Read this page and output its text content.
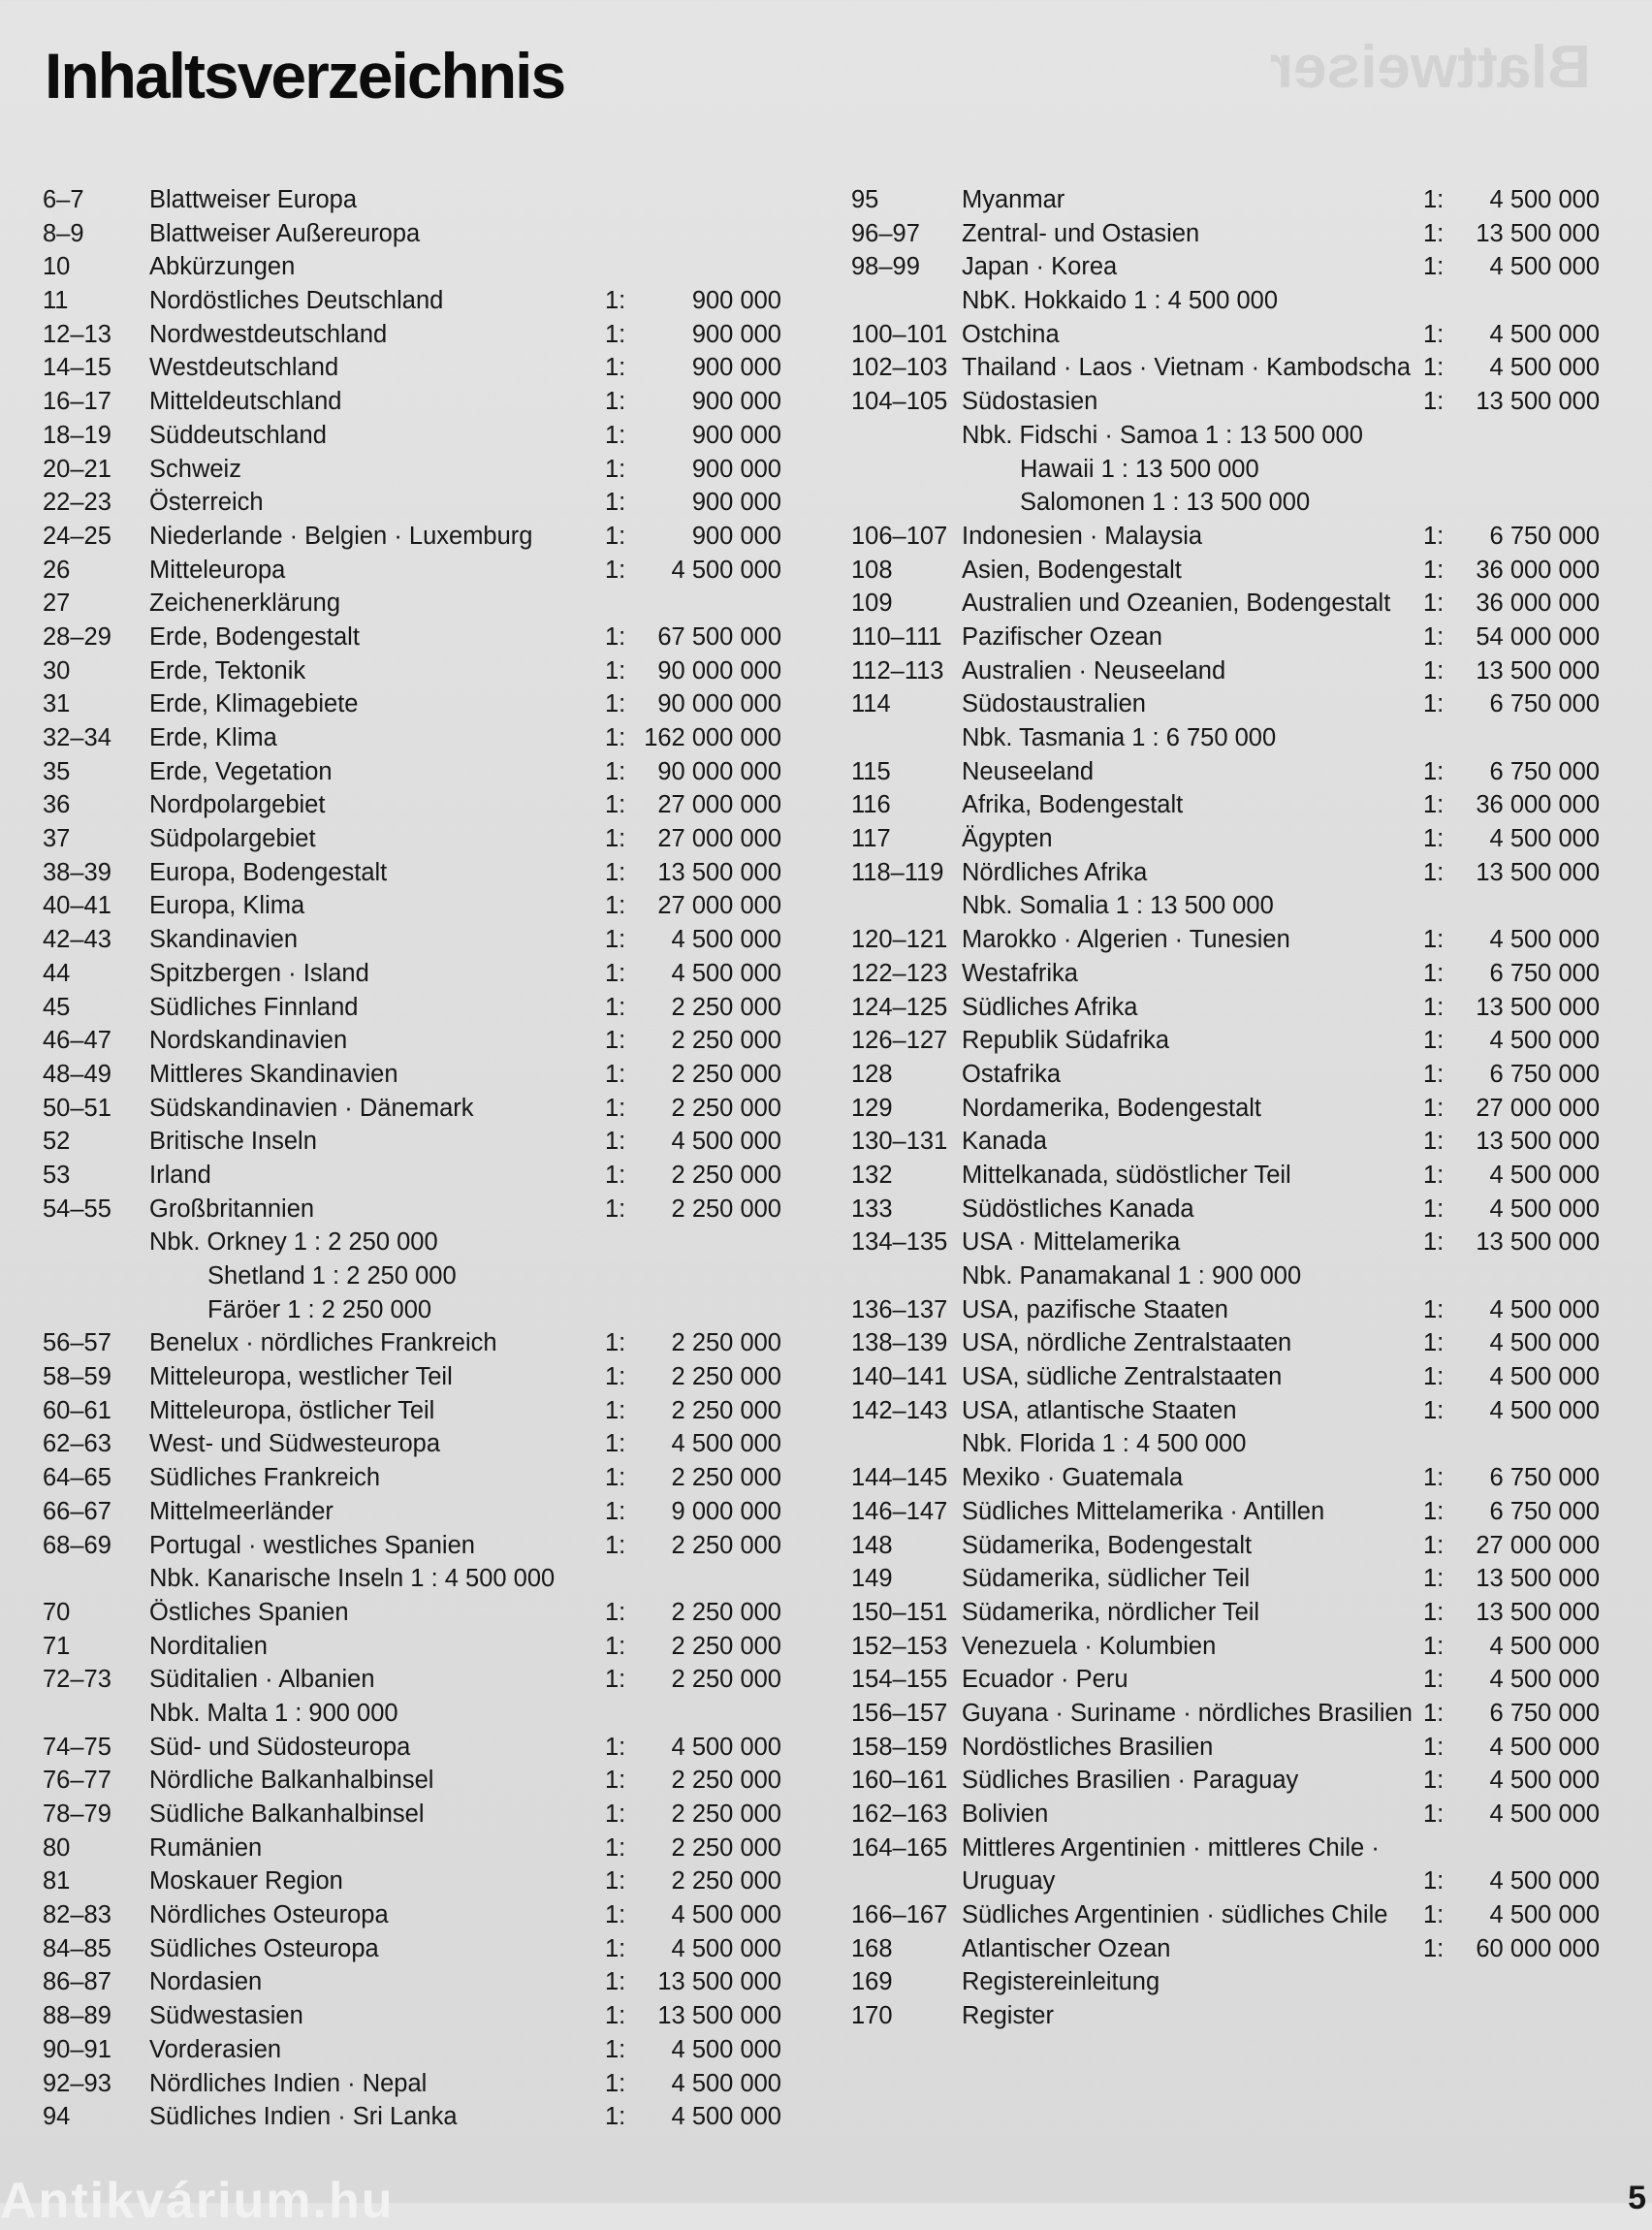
Blattweiser
Inhaltsverzeichnis
6–7	Blattweiser Europa
8–9	Blattweiser Außereuropa
10	Abkürzungen
11	Nordöstliches Deutschland	1:	900 000
12–13 Nordwestdeutschland	1:	900 000
14–15 Westdeutschland	1:	900 000
16–17 Mitteldeutschland	1:	900 000
18–19 Süddeutschland	1:	900 000
20–21 Schweiz	1:	900 000
22–23 Österreich	1:	900 000
24–25 Niederlande · Belgien · Luxemburg	1:	900 000
26	Mitteleuropa	1:	4 500 000
27	Zeichenerklärung
28–29 Erde, Bodengestalt	1:	67 500 000
30	Erde, Tektonik	1:	90 000 000
31	Erde, Klimagebiete	1:	90 000 000
32–34 Erde, Klima	1: 162 000 000
35	Erde, Vegetation	1:	90 000 000
36	Nordpolargebiet	1:	27 000 000
37	Südpolargebiet	1:	27 000 000
38–39 Europa, Bodengestalt	1:	13 500 000
40–41 Europa, Klima	1:	27 000 000
42–43 Skandinavien	1:	4 500 000
44	Spitzbergen · Island	1:	4 500 000
45	Südliches Finnland	1:	2 250 000
46–47 Nordskandinavien	1:	2 250 000
48–49 Mittleres Skandinavien	1:	2 250 000
50–51 Südskandinavien · Dänemark	1:	2 250 000
52	Britische Inseln	1:	4 500 000
53	Irland	1:	2 250 000
54–55 Großbritannien	1:	2 250 000
Nbk. Orkney 1 : 2 250 000
Shetland 1 : 2 250 000
Färöer 1 : 2 250 000
56–57 Benelux · nördliches Frankreich	1:	2 250 000
58–59 Mitteleuropa, westlicher Teil	1:	2 250 000
60–61 Mitteleuropa, östlicher Teil	1:	2 250 000
62–63 West- und Südwesteuropa	1:	4 500 000
64–65 Südliches Frankreich	1:	2 250 000
66–67 Mittelmeerländer	1:	9 000 000
68–69 Portugal · westliches Spanien	1:	2 250 000
Nbk. Kanarische Inseln 1 : 4 500 000
70	Östliches Spanien	1:	2 250 000
71	Norditalien	1:	2 250 000
72–73 Süditalien · Albanien	1:	2 250 000
Nbk. Malta 1 : 900 000
74–75 Süd- und Südosteuropa	1:	4 500 000
76–77 Nördliche Balkanhalbinsel	1:	2 250 000
78–79 Südliche Balkanhalbinsel	1:	2 250 000
80	Rumänien	1:	2 250 000
81	Moskauer Region	1:	2 250 000
82–83 Nördliches Osteuropa	1:	4 500 000
84–85 Südliches Osteuropa	1:	4 500 000
86–87 Nordasien	1:	13 500 000
88–89 Südwestasien	1:	13 500 000
90–91 Vorderasien	1:	4 500 000
92–93 Nördliches Indien · Nepal	1:	4 500 000
94	Südliches Indien · Sri Lanka	1:	4 500 000
95	Myanmar	1:	4 500 000
96–97 Zentral- und Ostasien	1:	13 500 000
98–99 Japan · Korea	1:	4 500 000
NbK. Hokkaido 1 : 4 500 000
100–101 Ostchina	1:	4 500 000
102–103 Thailand · Laos · Vietnam · Kambodscha 1:	4 500 000
104–105 Südostasien	1:	13 500 000
Nbk. Fidschi · Samoa 1 : 13 500 000
Hawaii 1 : 13 500 000
Salomonen 1 : 13 500 000
106–107 Indonesien · Malaysia	1:	6 750 000
108	Asien, Bodengestalt	1:	36 000 000
109	Australien und Ozeanien, Bodengestalt 1:	36 000 000
110–111 Pazifischer Ozean	1:	54 000 000
112–113 Australien · Neuseeland	1:	13 500 000
114	Südostaustralien	1:	6 750 000
Nbk. Tasmania 1 : 6 750 000
115	Neuseeland	1:	6 750 000
116	Afrika, Bodengestalt	1:	36 000 000
117	Ägypten	1:	4 500 000
118–119 Nördliches Afrika	1:	13 500 000
Nbk. Somalia 1 : 13 500 000
120–121 Marokko · Algerien · Tunesien	1:	4 500 000
122–123 Westafrika	1:	6 750 000
124–125 Südliches Afrika	1:	13 500 000
126–127 Republik Südafrika	1:	4 500 000
128	Ostafrika	1:	6 750 000
129	Nordamerika, Bodengestalt	1:	27 000 000
130–131 Kanada	1:	13 500 000
132	Mittelkanada, südöstlicher Teil	1:	4 500 000
133	Südöstliches Kanada	1:	4 500 000
134–135 USA · Mittelamerika	1:	13 500 000
Nbk. Panamakanal 1 : 900 000
136–137 USA, pazifische Staaten	1:	4 500 000
138–139 USA, nördliche Zentralstaaten	1:	4 500 000
140–141 USA, südliche Zentralstaaten	1:	4 500 000
142–143 USA, atlantische Staaten	1:	4 500 000
Nbk. Florida 1 : 4 500 000
144–145 Mexiko · Guatemala	1:	6 750 000
146–147 Südliches Mittelamerika · Antillen	1:	6 750 000
148	Südamerika, Bodengestalt	1:	27 000 000
149	Südamerika, südlicher Teil	1:	13 500 000
150–151 Südamerika, nördlicher Teil	1:	13 500 000
152–153 Venezuela · Kolumbien	1:	4 500 000
154–155 Ecuador · Peru	1:	4 500 000
156–157 Guyana · Suriname · nördliches Brasilien 1:	6 750 000
158–159 Nordöstliches Brasilien	1:	4 500 000
160–161 Südliches Brasilien · Paraguay	1:	4 500 000
162–163 Bolivien	1:	4 500 000
164–165 Mittleres Argentinien · mittleres Chile ·
Uruguay	1:	4 500 000
166–167 Südliches Argentinien · südliches Chile 1:	4 500 000
168	Atlantischer Ozean	1:	60 000 000
169	Registereinleitung
170	Register
Antikvárium.hu	5
